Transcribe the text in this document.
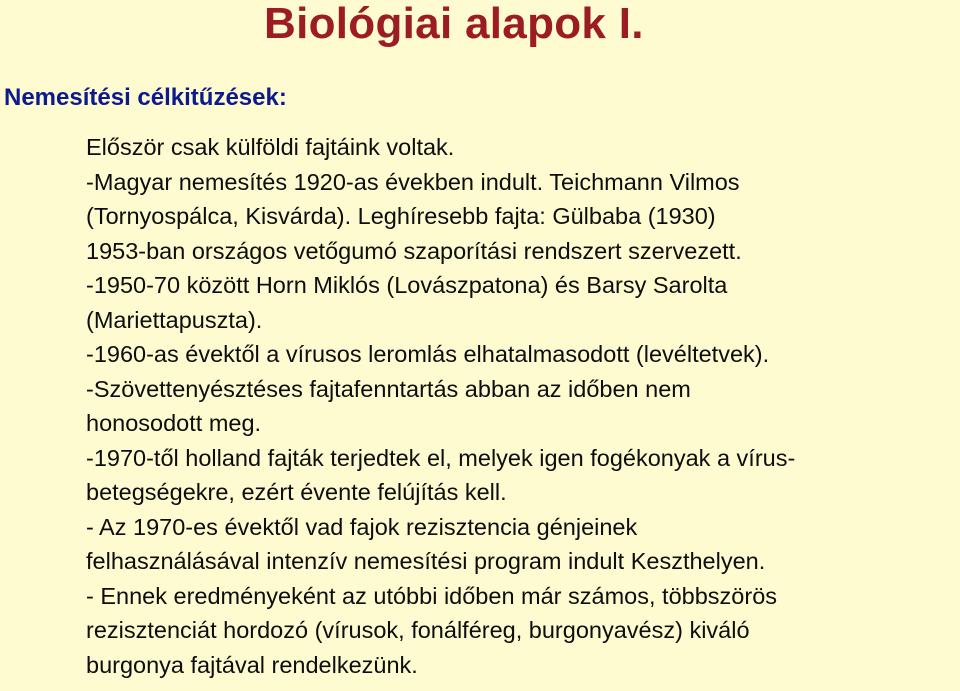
Biológiai alapok I.
Nemesítési célkitűzések:
Először csak külföldi fajtáink voltak.
-Magyar nemesítés 1920-as években indult. Teichmann Vilmos
(Tornyospálca, Kisvárda). Leghíresebb fajta: Gülbaba (1930)
1953-ban országos vetőgumó szaporítási rendszert szervezett.
-1950-70 között Horn Miklós (Lovászpatona) és Barsy Sarolta
(Mariettapuszta).
-1960-as évektől a vírusos leromlás elhatalmasodott (levéltetvek).
-Szövettenyésztéses fajtafenntartás abban az időben nem
honosodott meg.
-1970-től holland fajták terjedtek el, melyek igen fogékonyak a vírus-
betegségekre, ezért évente felújítás kell.
- Az 1970-es évektől vad fajok rezisztencia génjeinek
felhasználásával intenzív nemesítési program indult Keszthelyen.
- Ennek eredményeként az utóbbi időben már számos, többszörös
rezisztenciát hordozó (vírusok, fonálféreg, burgonyavész) kiváló
burgonya fajtával rendelkezünk.
